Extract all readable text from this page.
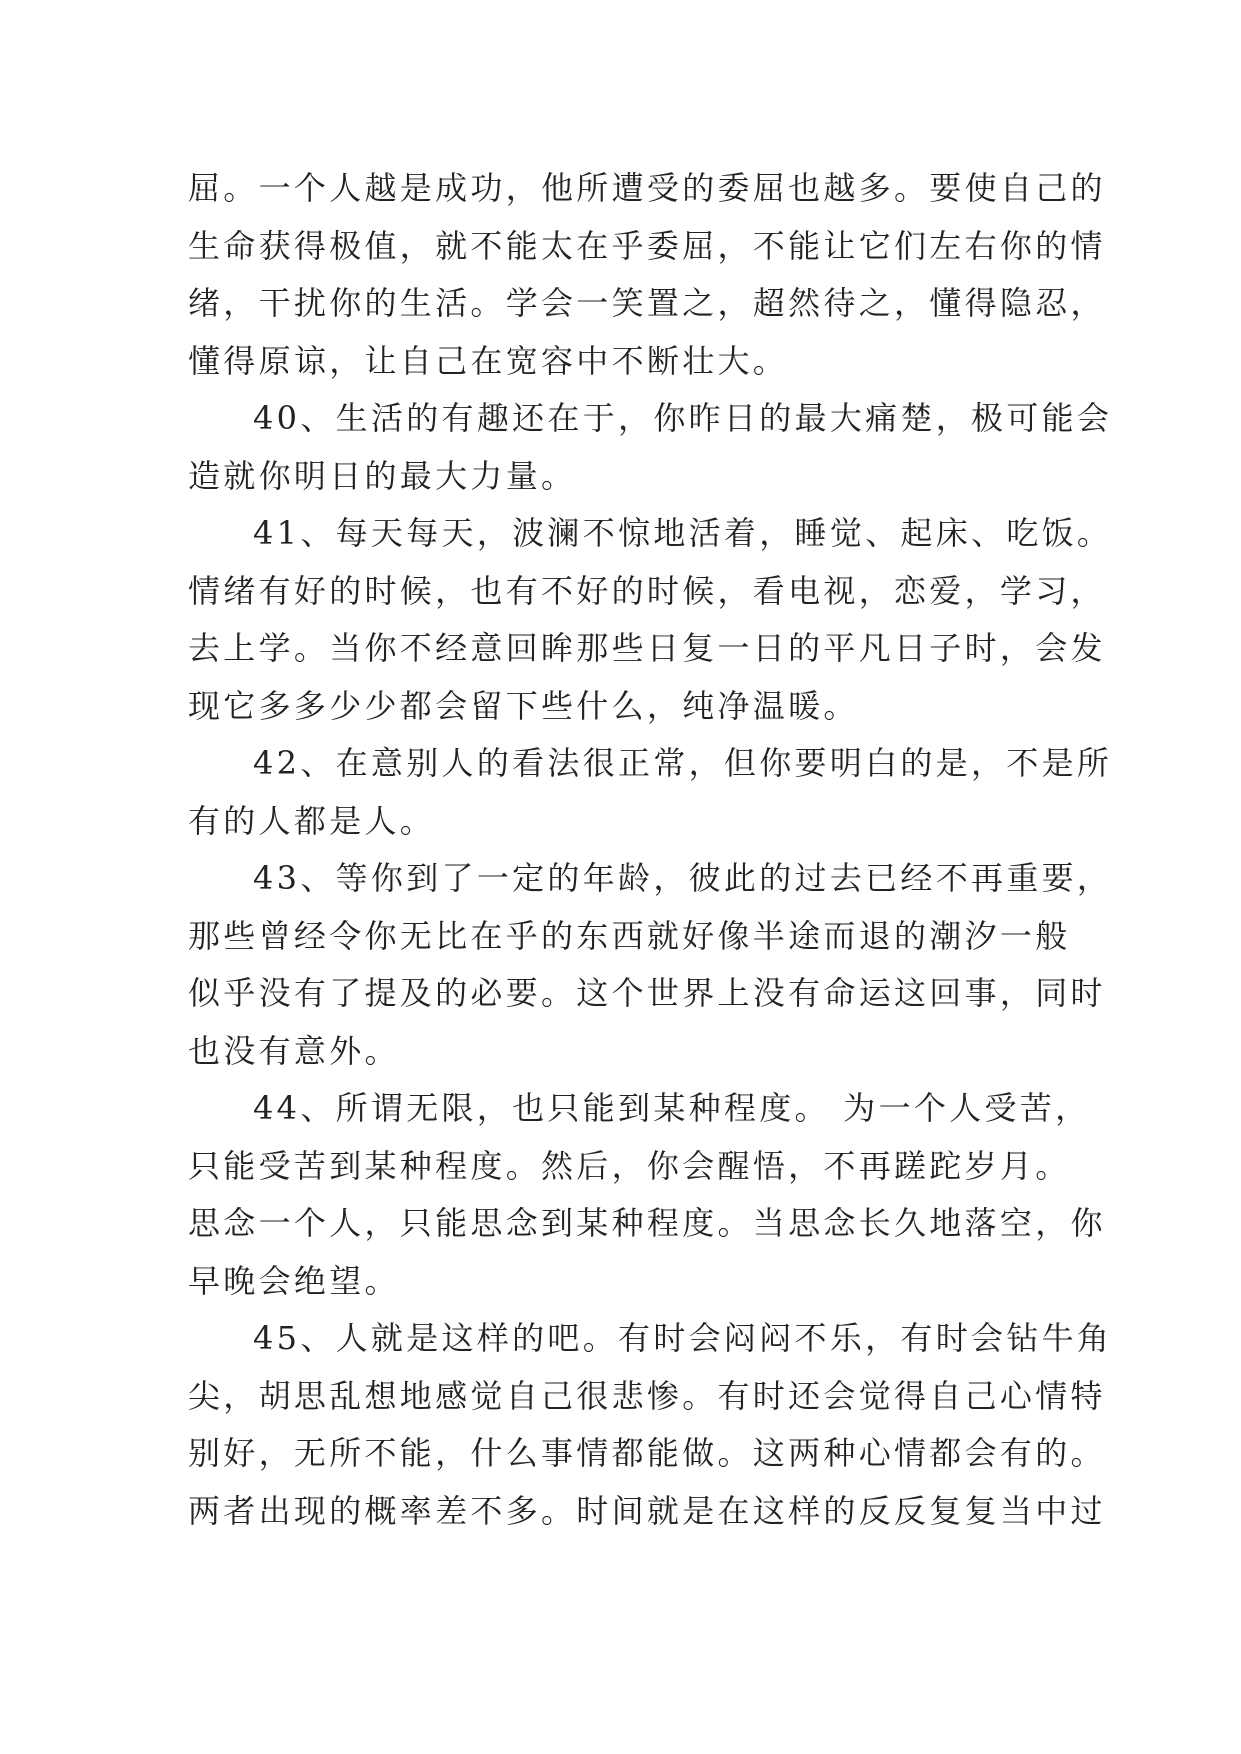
屈。一个人越是成功，他所遭受的委屈也越多。要使自己的
生命获得极值，就不能太在乎委屈，不能让它们左右你的情
绪，干扰你的生活。学会一笑置之，超然待之，懂得隐忍，
懂得原谅，让自己在宽容中不断壮大。
40、生活的有趣还在于，你昨日的最大痛楚，极可能会
造就你明日的最大力量。
41、每天每天，波澜不惊地活着，睡觉、起床、吃饭。
情绪有好的时候，也有不好的时候，看电视，恋爱，学习，
去上学。当你不经意回眸那些日复一日的平凡日子时，会发
现它多多少少都会留下些什么，纯净温暖。
42、在意别人的看法很正常，但你要明白的是，不是所
有的人都是人。
43、等你到了一定的年龄，彼此的过去已经不再重要，
那些曾经令你无比在乎的东西就好像半途而退的潮汐一般
似乎没有了提及的必要。这个世界上没有命运这回事，同时
也没有意外。
44、所谓无限，也只能到某种程度。 为一个人受苦，
只能受苦到某种程度。然后，你会醒悟，不再蹉跎岁月。
思念一个人，只能思念到某种程度。当思念长久地落空，你
早晚会绝望。
45、人就是这样的吧。有时会闷闷不乐，有时会钻牛角
尖，胡思乱想地感觉自己很悲惨。有时还会觉得自己心情特
别好，无所不能，什么事情都能做。这两种心情都会有的。
两者出现的概率差不多。时间就是在这样的反反复复当中过
